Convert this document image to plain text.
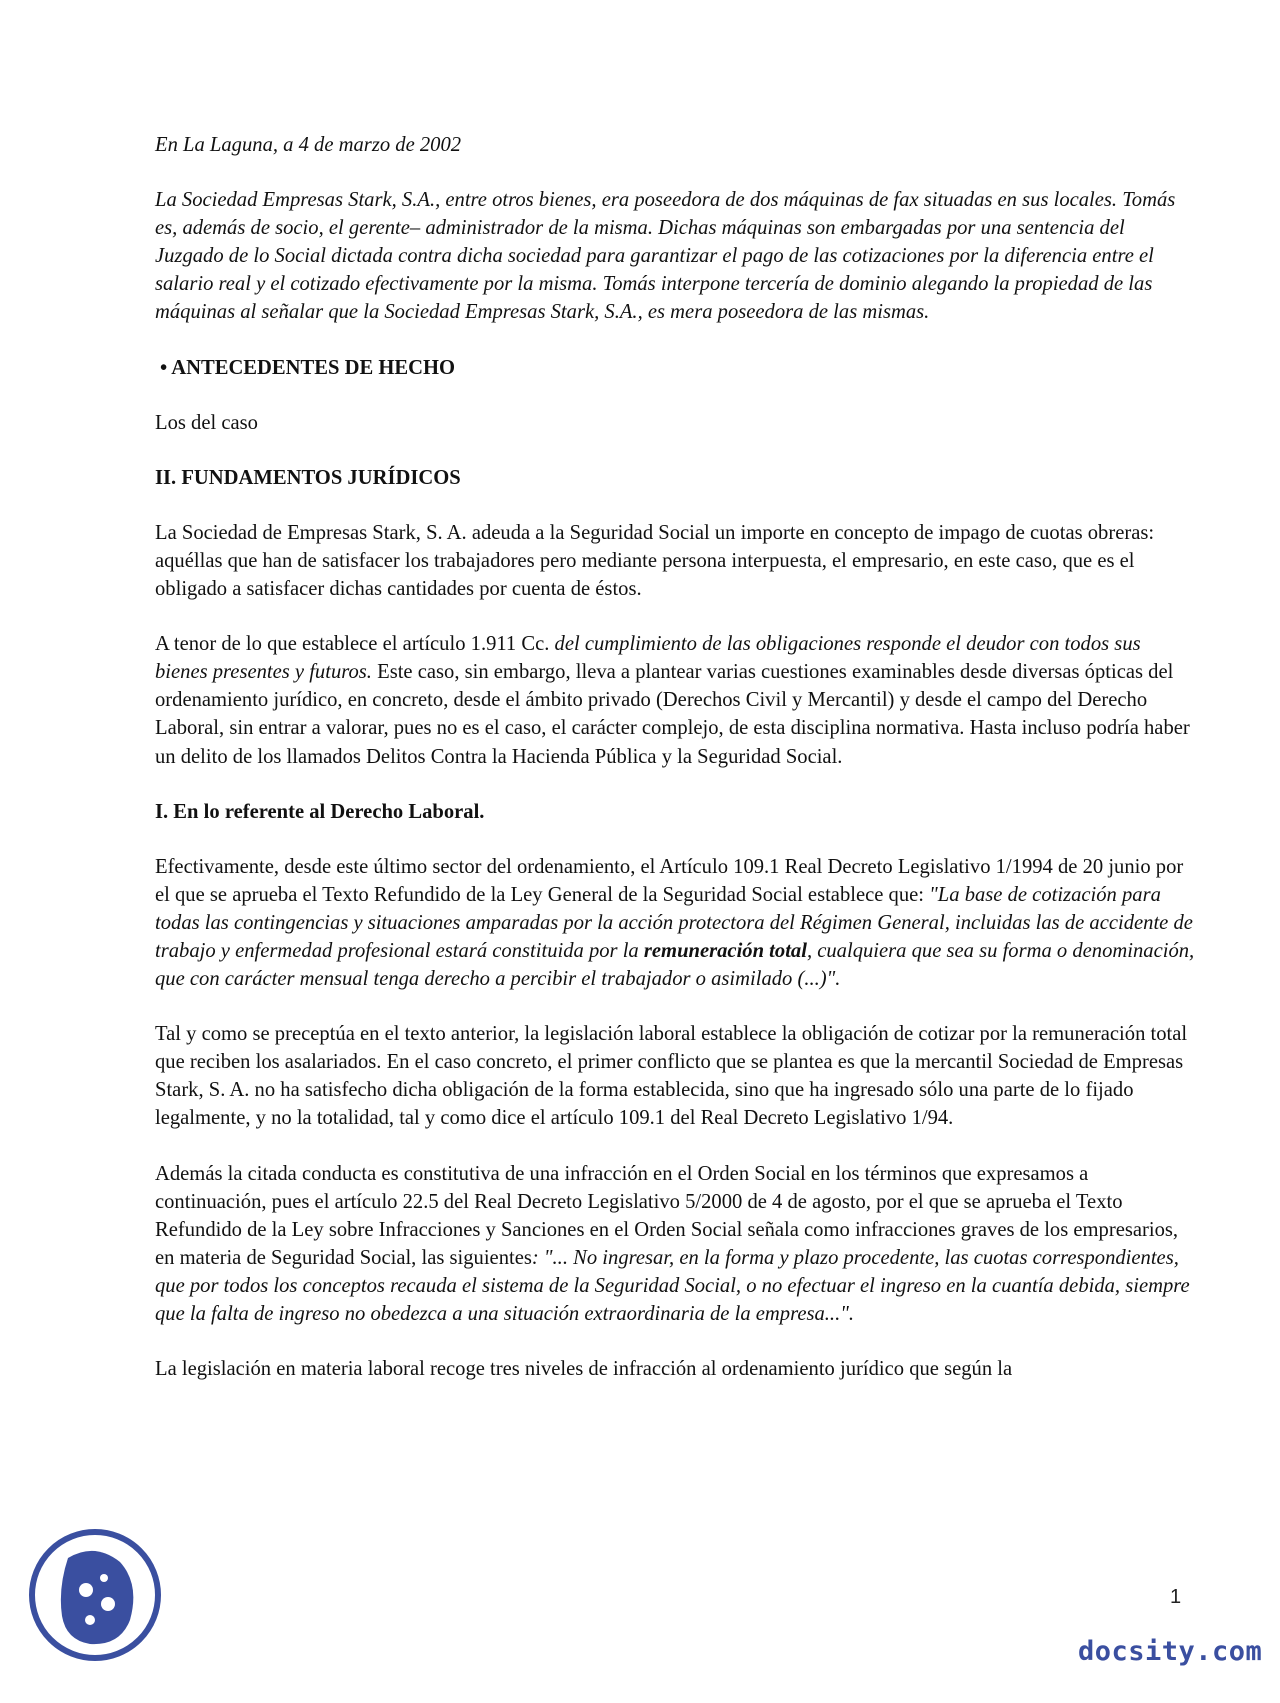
En La Laguna, a 4 de marzo de 2002

La Sociedad Empresas Stark, S.A., entre otros bienes, era poseedora de dos máquinas de fax situadas en sus locales. Tomás es, además de socio, el gerente– administrador de la misma. Dichas máquinas son embargadas por una sentencia del Juzgado de lo Social dictada contra dicha sociedad para garantizar el pago de las cotizaciones por la diferencia entre el salario real y el cotizado efectivamente por la misma. Tomás interpone tercería de dominio alegando la propiedad de las máquinas al señalar que la Sociedad Empresas Stark, S.A., es mera poseedora de las mismas.

• ANTECEDENTES DE HECHO

Los del caso

II. FUNDAMENTOS JURÍDICOS

La Sociedad de Empresas Stark, S. A. adeuda a la Seguridad Social un importe en concepto de impago de cuotas obreras: aquéllas que han de satisfacer los trabajadores pero mediante persona interpuesta, el empresario, en este caso, que es el obligado a satisfacer dichas cantidades por cuenta de éstos.

A tenor de lo que establece el artículo 1.911 Cc. del cumplimiento de las obligaciones responde el deudor con todos sus bienes presentes y futuros. Este caso, sin embargo, lleva a plantear varias cuestiones examinables desde diversas ópticas del ordenamiento jurídico, en concreto, desde el ámbito privado (Derechos Civil y Mercantil) y desde el campo del Derecho Laboral, sin entrar a valorar, pues no es el caso, el carácter complejo, de esta disciplina normativa. Hasta incluso podría haber un delito de los llamados Delitos Contra la Hacienda Pública y la Seguridad Social.

I. En lo referente al Derecho Laboral.

Efectivamente, desde este último sector del ordenamiento, el Artículo 109.1 Real Decreto Legislativo 1/1994 de 20 junio por el que se aprueba el Texto Refundido de la Ley General de la Seguridad Social establece que: "La base de cotización para todas las contingencias y situaciones amparadas por la acción protectora del Régimen General, incluidas las de accidente de trabajo y enfermedad profesional estará constituida por la remuneración total, cualquiera que sea su forma o denominación, que con carácter mensual tenga derecho a percibir el trabajador o asimilado (...)".

Tal y como se preceptúa en el texto anterior, la legislación laboral establece la obligación de cotizar por la remuneración total que reciben los asalariados. En el caso concreto, el primer conflicto que se plantea es que la mercantil Sociedad de Empresas Stark, S. A. no ha satisfecho dicha obligación de la forma establecida, sino que ha ingresado sólo una parte de lo fijado legalmente, y no la totalidad, tal y como dice el artículo 109.1 del Real Decreto Legislativo 1/94.

Además la citada conducta es constitutiva de una infracción en el Orden Social en los términos que expresamos a continuación, pues el artículo 22.5 del Real Decreto Legislativo 5/2000 de 4 de agosto, por el que se aprueba el Texto Refundido de la Ley sobre Infracciones y Sanciones en el Orden Social señala como infracciones graves de los empresarios, en materia de Seguridad Social, las siguientes: "... No ingresar, en la forma y plazo procedente, las cuotas correspondientes, que por todos los conceptos recauda el sistema de la Seguridad Social, o no efectuar el ingreso en la cuantía debida, siempre que la falta de ingreso no obedezca a una situación extraordinaria de la empresa...".

La legislación en materia laboral recoge tres niveles de infracción al ordenamiento jurídico que según la

1
docsity.com
